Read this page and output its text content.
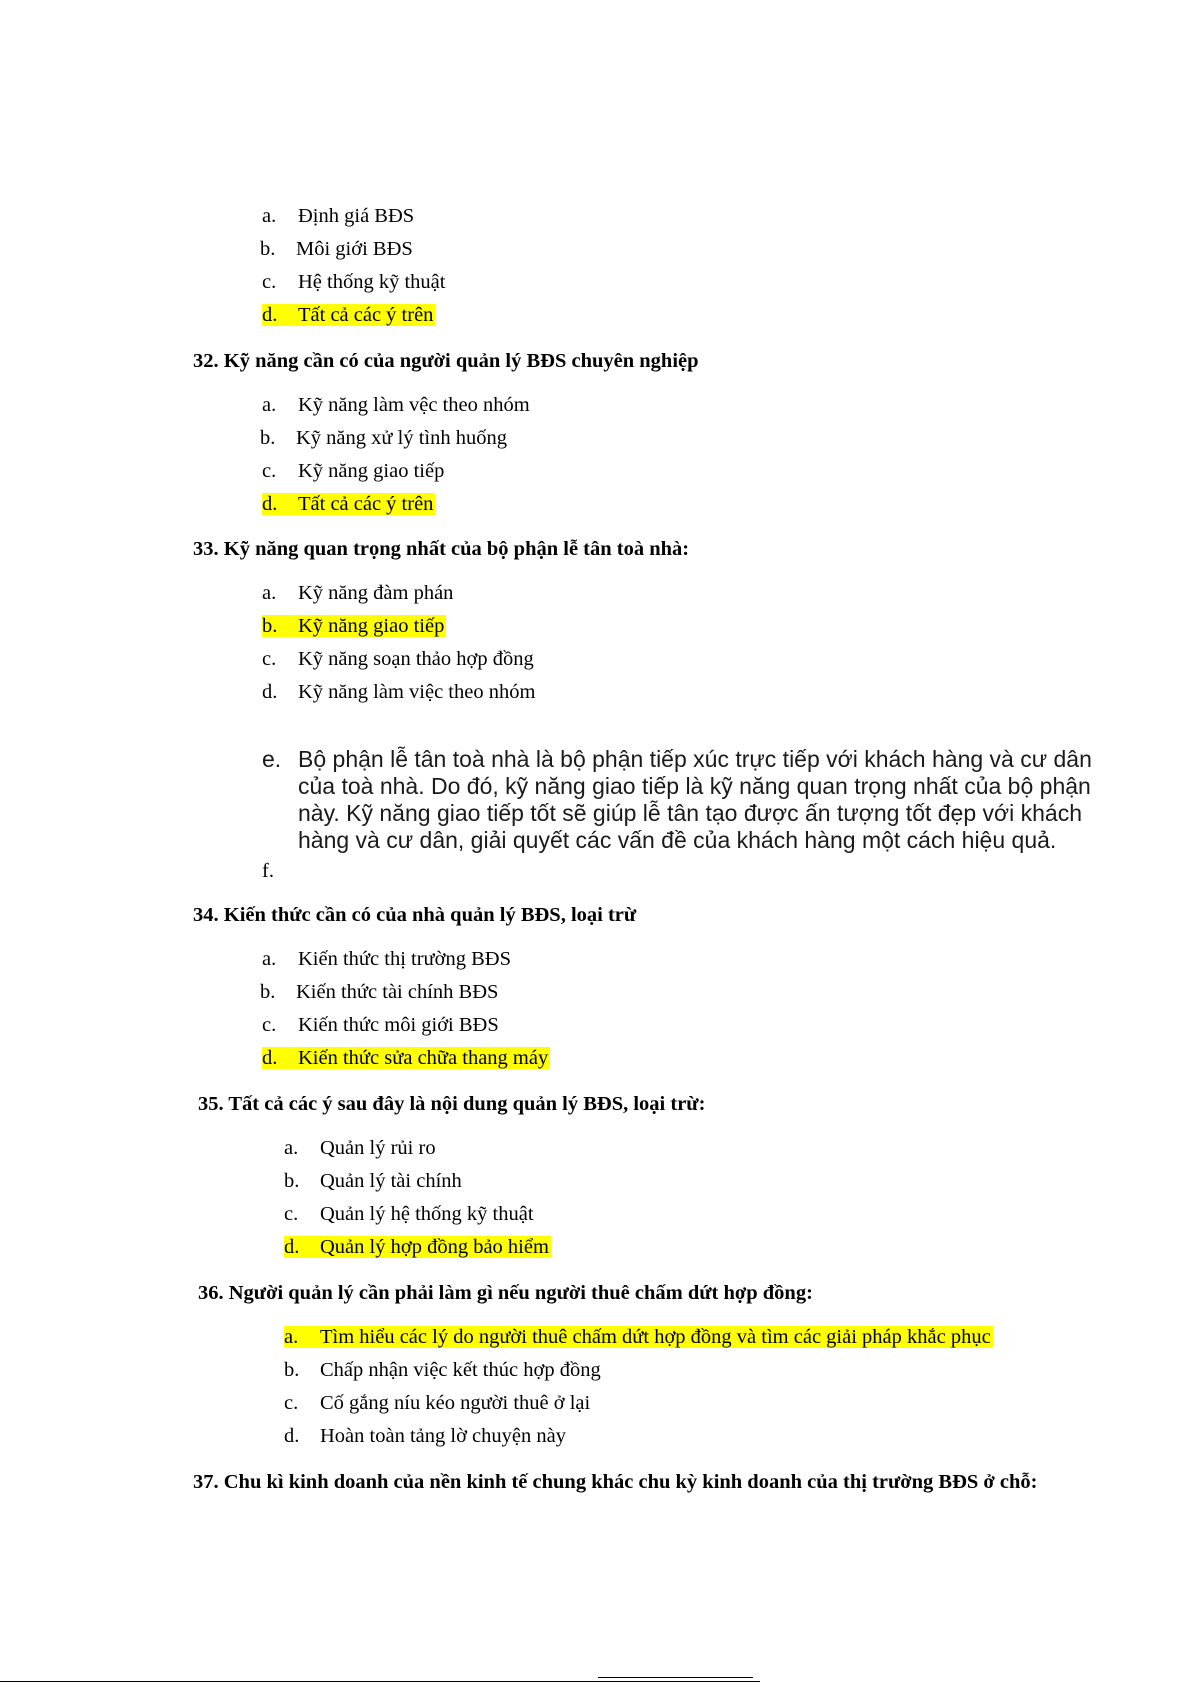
a. Định giá BĐS
b. Môi giới BĐS
c. Hệ thống kỹ thuật
d. Tất cả các ý trên
32. Kỹ năng cần có của người quản lý BĐS chuyên nghiệp
a. Kỹ năng làm vệc theo nhóm
b. Kỹ năng xử lý tình huống
c. Kỹ năng giao tiếp
d. Tất cả các ý trên
33. Kỹ năng quan trọng nhất của bộ phận lễ tân toà nhà:
a. Kỹ năng đàm phán
b. Kỹ năng giao tiếp
c. Kỹ năng soạn thảo hợp đồng
d. Kỹ năng làm việc theo nhóm
e. Bộ phận lễ tân toà nhà là bộ phận tiếp xúc trực tiếp với khách hàng và cư dân của toà nhà. Do đó, kỹ năng giao tiếp là kỹ năng quan trọng nhất của bộ phận này. Kỹ năng giao tiếp tốt sẽ giúp lễ tân tạo được ấn tượng tốt đẹp với khách hàng và cư dân, giải quyết các vấn đề của khách hàng một cách hiệu quả.
f.
34. Kiến thức cần có của nhà quản lý BĐS, loại trừ
a. Kiến thức thị trường BĐS
b. Kiến thức tài chính BĐS
c. Kiến thức môi giới BĐS
d. Kiến thức sửa chữa thang máy
35. Tất cả các ý sau đây là nội dung quản lý BĐS, loại trừ:
a. Quản lý rủi ro
b. Quản lý tài chính
c. Quản lý hệ thống kỹ thuật
d. Quản lý hợp đồng bảo hiểm
36. Người quản lý cần phải làm gì nếu người thuê chấm dứt hợp đồng:
a. Tìm hiểu các lý do người thuê chấm dứt hợp đồng và tìm các giải pháp khắc phục
b. Chấp nhận việc kết thúc hợp đồng
c. Cố gắng níu kéo người thuê ở lại
d. Hoàn toàn tảng lờ chuyện này
37. Chu kì kinh doanh của nền kinh tế chung khác chu kỳ kinh doanh của thị trường BĐS ở chỗ:
